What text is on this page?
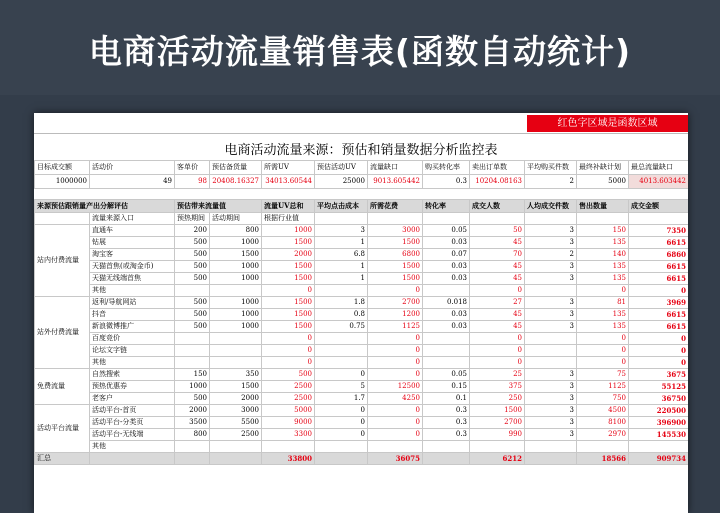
电商活动流量销售表(函数自动统计)
红色字区域是函数区域
电商活动流量来源：预估和销量数据分析监控表
目标成交额	活动价	客单价	预估备货量	所需UV	预估活动UV	流量缺口	购买转化率	卖出订单数	平均购买件数	最终补缺计划	最总流量缺口
1000000	49	98	20408.16327	34013.60544	25000	9013.605442	0.3	10204.08163	2	5000	4013.603442
来源预估跟销量产出分解评估		预估带来流量值		流量UV总和	平均点击成本	所需花费	转化率	成交人数	人均成交件数	售出数量	成交金额
	流量来源入口	预热期间	活动期间	根据行业值							
站内付费流量	直通车	200	800	1000	3	3000	0.05	50	3	150	7350
	钻展	500	1000	1500	1	1500	0.03	45	3	135	6615
	淘宝客	500	1500	2000	6.8	6800	0.07	70	2	140	6860
	天猫首焦(或淘金币)	500	1000	1500	1	1500	0.03	45	3	135	6615
	天猫无线端首焦	500	1000	1500	1	1500	0.03	45	3	135	6615
	其他			0		0		0		0	0
站外付费流量	返利/导航网站	500	1000	1500	1.8	2700	0.018	27	3	81	3969
	抖音	500	1000	1500	0.8	1200	0.03	45	3	135	6615
	新浪微博推广	500	1000	1500	0.75	1125	0.03	45	3	135	6615
	百度竞价			0		0		0		0	0
	论坛文字链			0		0		0		0	0
	其他			0		0		0		0	0
免费流量	自然搜索	150	350	500	0	0	0.05	25	3	75	3675
	预热优惠券	1000	1500	2500	5	12500	0.15	375	3	1125	55125
	老客户	500	2000	2500	1.7	4250	0.1	250	3	750	36750
活动平台流量	活动平台-首页	2000	3000	5000	0	0	0.3	1500	3	4500	220500
	活动平台-分类页	3500	5500	9000	0	0	0.3	2700	3	8100	396900
	活动平台-无线端	800	2500	3300	0	0	0.3	990	3	2970	145530
	其他										
汇总				33800		36075		6212		18566	909734
